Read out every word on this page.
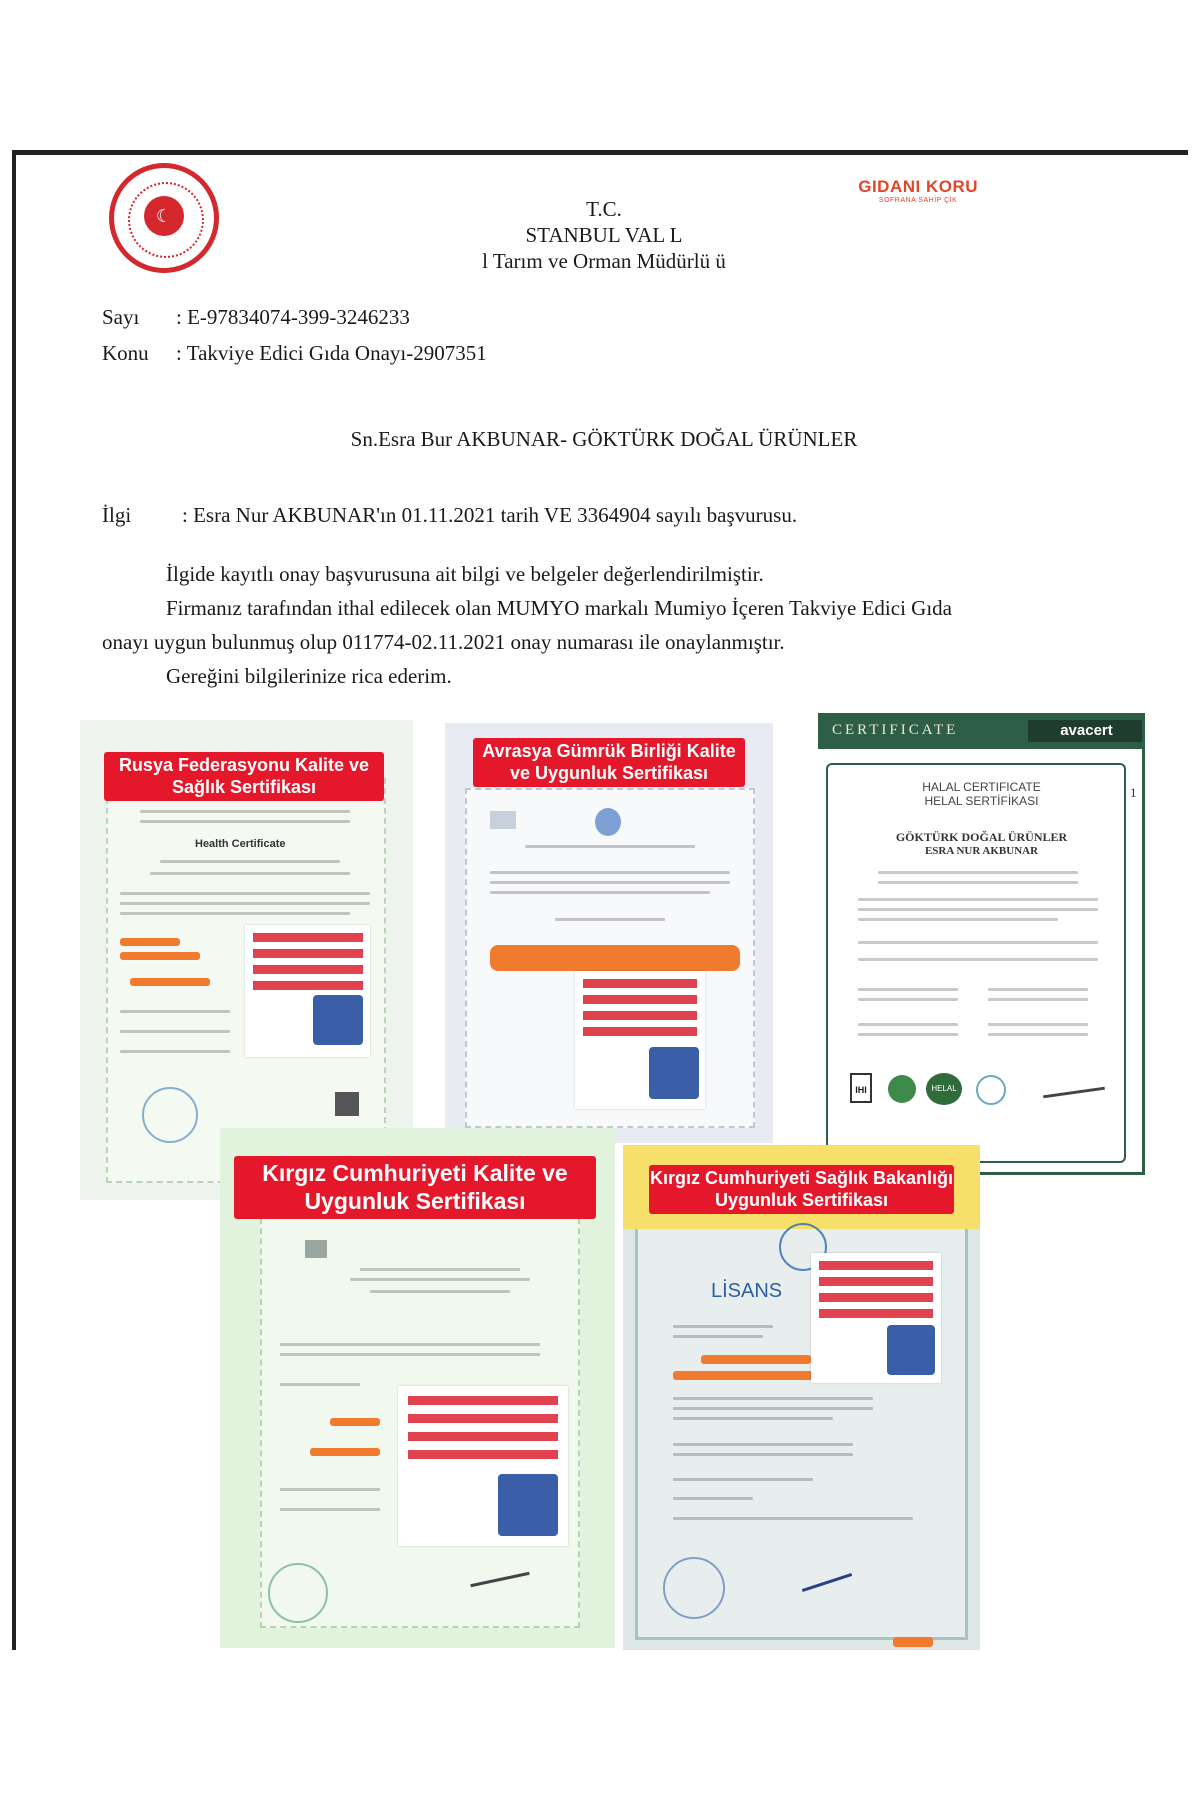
☾
GIDANI KORU
SOFRANA SAHİP ÇIK
T.C.
STANBUL VAL L
l Tarım ve Orman Müdürlü ü
Sayı : E-97834074-399-3246233
Konu : Takviye Edici Gıda Onayı-2907351
Sn.Esra Bur AKBUNAR- GÖKTÜRK DOĞAL ÜRÜNLER
İlgi : Esra Nur AKBUNAR'ın 01.11.2021 tarih VE 3364904 sayılı başvurusu.
İlgide kayıtlı onay başvurusuna ait bilgi ve belgeler değerlendirilmiştir.
Firmanız tarafından ithal edilecek olan MUMYO markalı Mumiyo İçeren Takviye Edici Gıda
onayı uygun bulunmuş olup 011774-02.11.2021 onay numarası ile onaylanmıştır.
Gereğini bilgilerinize rica ederim.
Health Certificate
Rusya Federasyonu Kalite ve Sağlık Sertifikası
Avrasya Gümrük Birliği Kalite ve Uygunluk Sertifikası
CERTIFICATE	avacert
HALAL CERTIFICATE
HELAL SERTİFİKASI
GÖKTÜRK DOĞAL ÜRÜNLER
ESRA NUR AKBUNAR
IHI	HELAL
1
Kırgız Cumhuriyeti Kalite ve Uygunluk Sertifikası
LİSANS
Kırgız Cumhuriyeti Sağlık Bakanlığı Uygunluk Sertifikası
